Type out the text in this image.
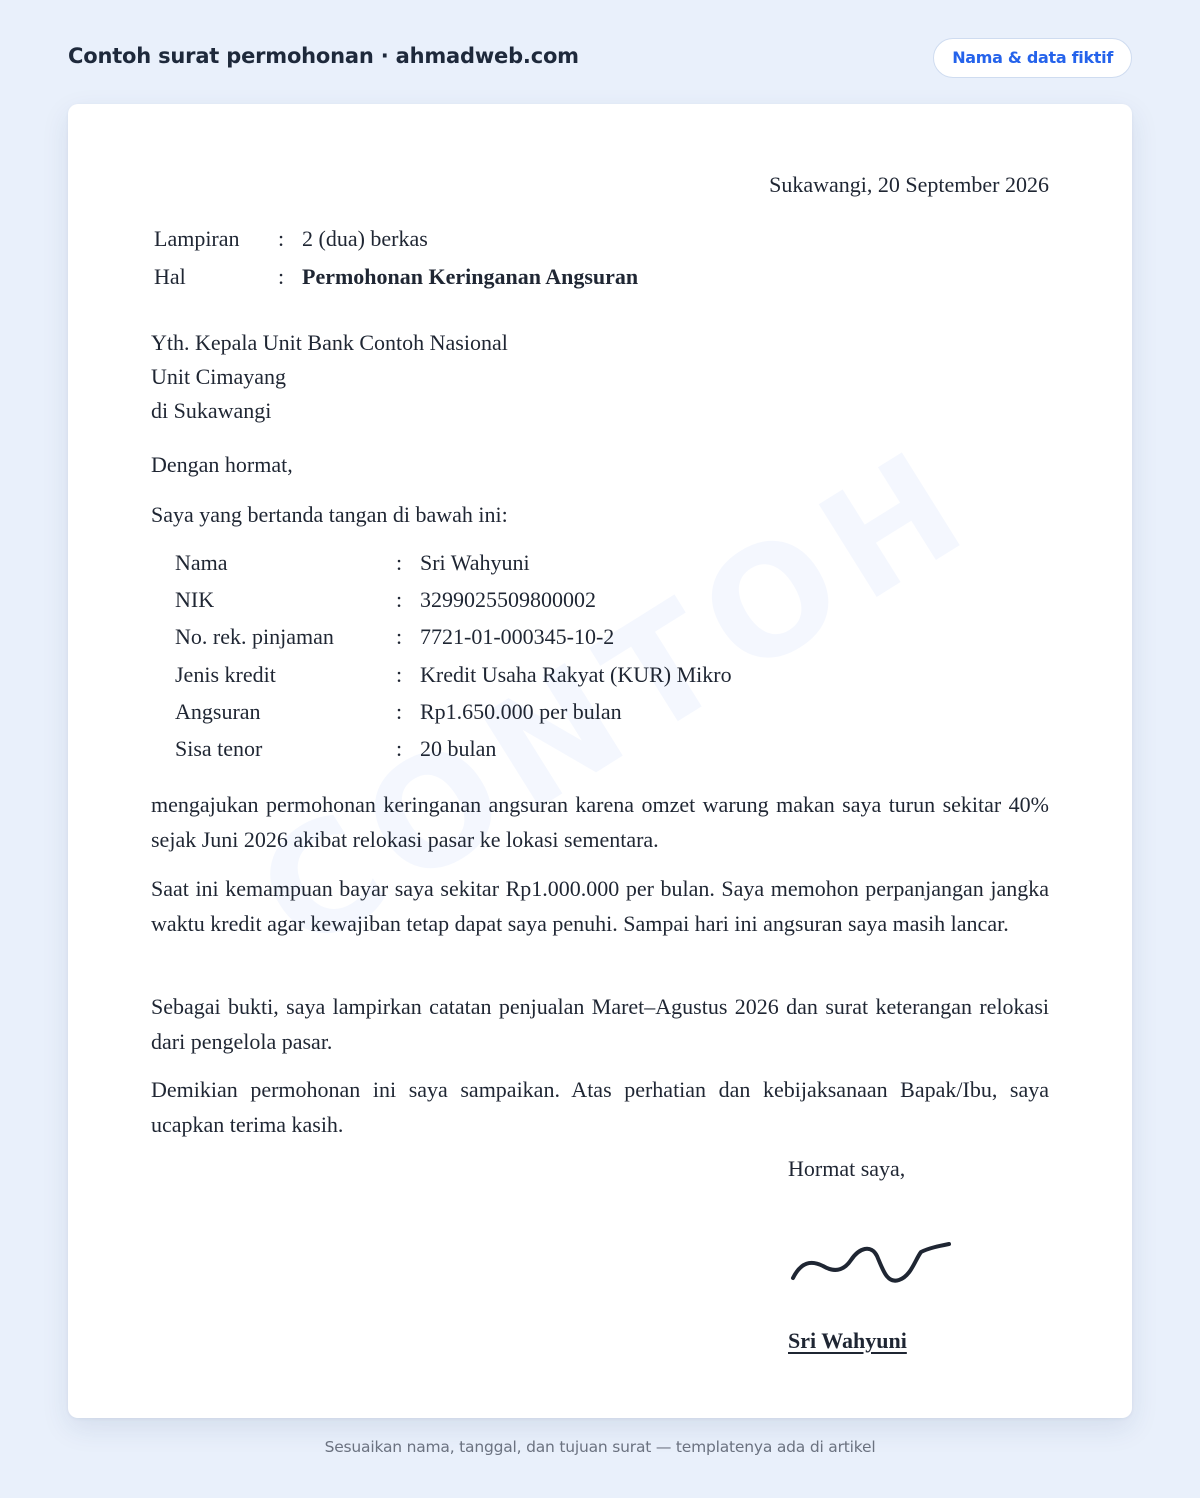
Contoh surat permohonan · ahmadweb.com	Nama & data fiktif
Sukawangi, 20 September 2026
Lampiran : 2 (dua) berkas
Hal	: Permohonan Keringanan Angsuran
Yth. Kepala Unit Bank Contoh Nasional
Unit Cimayang
di Sukawangi
Dengan hormat,
Saya yang bertanda tangan di bawah ini:
Nama	: Sri Wahyuni
NIK	: 3299025509800002
No. rek. pinjaman	: 7721-01-000345-10-2
Jenis kredit	: Kredit Usaha Rakyat (KUR) Mikro
Angsuran	: Rp1.650.000 per bulan
Sisa tenor	: 20 bulan
mengajukan permohonan keringanan angsuran karena omzet warung makan saya turun sekitar 40% sejak Juni 2026 akibat relokasi pasar ke lokasi sementara.
Saat ini kemampuan bayar saya sekitar Rp1.000.000 per bulan. Saya memohon perpanjangan jangka waktu kredit agar kewajiban tetap dapat saya penuhi. Sampai hari ini angsuran saya masih lancar.
Sebagai bukti, saya lampirkan catatan penjualan Maret–Agustus 2026 dan surat keterangan relokasi dari pengelola pasar.
Demikian permohonan ini saya sampaikan. Atas perhatian dan kebijaksanaan Bapak/Ibu, saya ucapkan terima kasih.
Hormat saya,
Sri Wahyuni
Sesuaikan nama, tanggal, dan tujuan surat — templatenya ada di artikel
